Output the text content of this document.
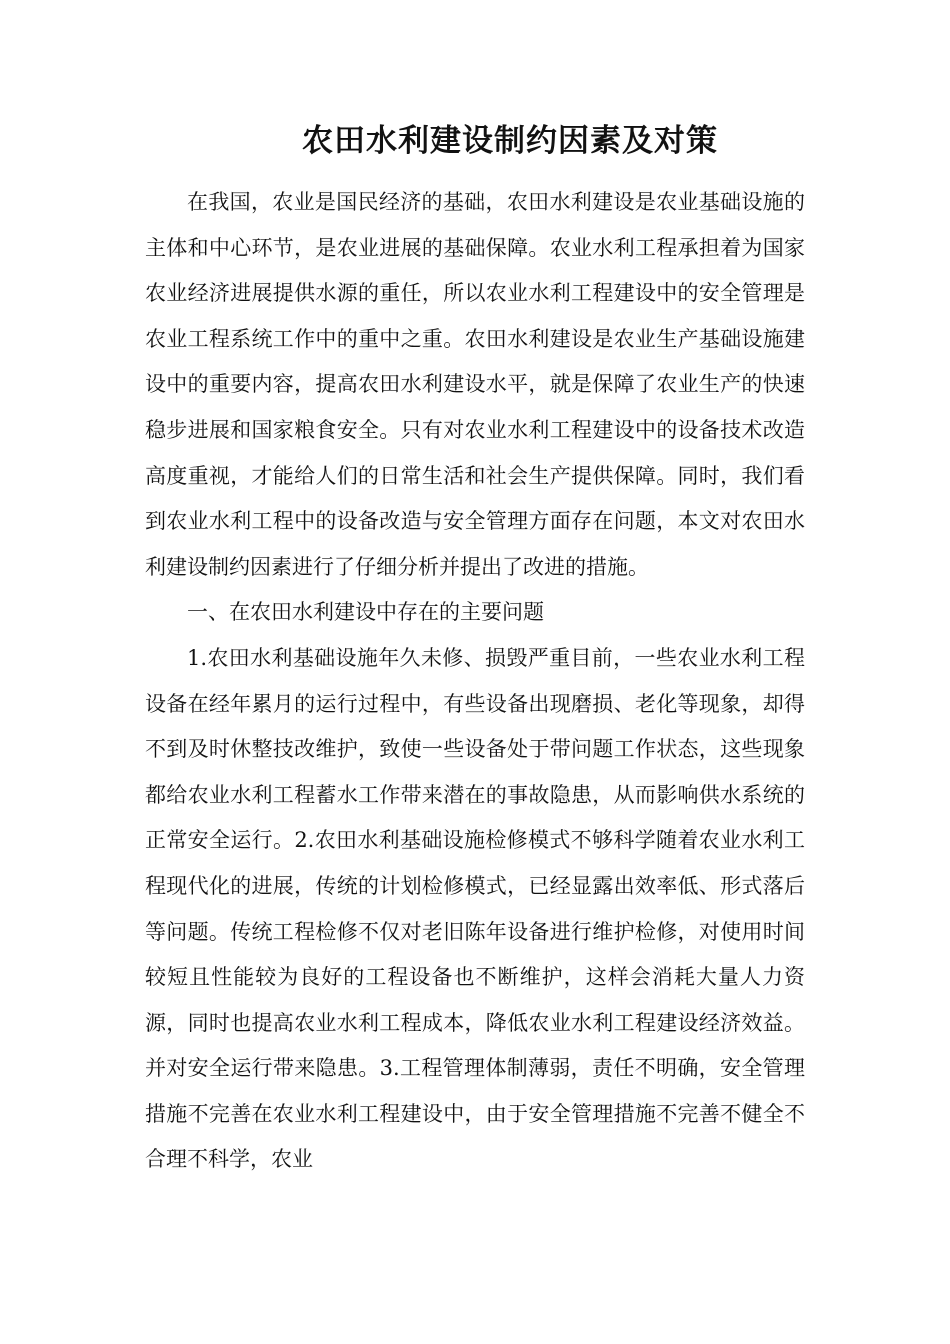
农田水利建设制约因素及对策

在我国，农业是国民经济的基础，农田水利建设是农业基础设施的主体和中心环节，是农业进展的基础保障。农业水利工程承担着为国家农业经济进展提供水源的重任，所以农业水利工程建设中的安全管理是农业工程系统工作中的重中之重。农田水利建设是农业生产基础设施建设中的重要内容，提高农田水利建设水平，就是保障了农业生产的快速稳步进展和国家粮食安全。只有对农业水利工程建设中的设备技术改造高度重视，才能给人们的日常生活和社会生产提供保障。同时，我们看到农业水利工程中的设备改造与安全管理方面存在问题，本文对农田水利建设制约因素进行了仔细分析并提出了改进的措施。

一、在农田水利建设中存在的主要问题

1.农田水利基础设施年久未修、损毁严重目前，一些农业水利工程设备在经年累月的运行过程中，有些设备出现磨损、老化等现象，却得不到及时休整技改维护，致使一些设备处于带问题工作状态，这些现象都给农业水利工程蓄水工作带来潜在的事故隐患，从而影响供水系统的正常安全运行。2.农田水利基础设施检修模式不够科学随着农业水利工程现代化的进展，传统的计划检修模式，已经显露出效率低、形式落后等问题。传统工程检修不仅对老旧陈年设备进行维护检修，对使用时间较短且性能较为良好的工程设备也不断维护，这样会消耗大量人力资源，同时也提高农业水利工程成本，降低农业水利工程建设经济效益。并对安全运行带来隐患。3.工程管理体制薄弱，责任不明确，安全管理措施不完善在农业水利工程建设中，由于安全管理措施不完善不健全不合理不科学，农业
